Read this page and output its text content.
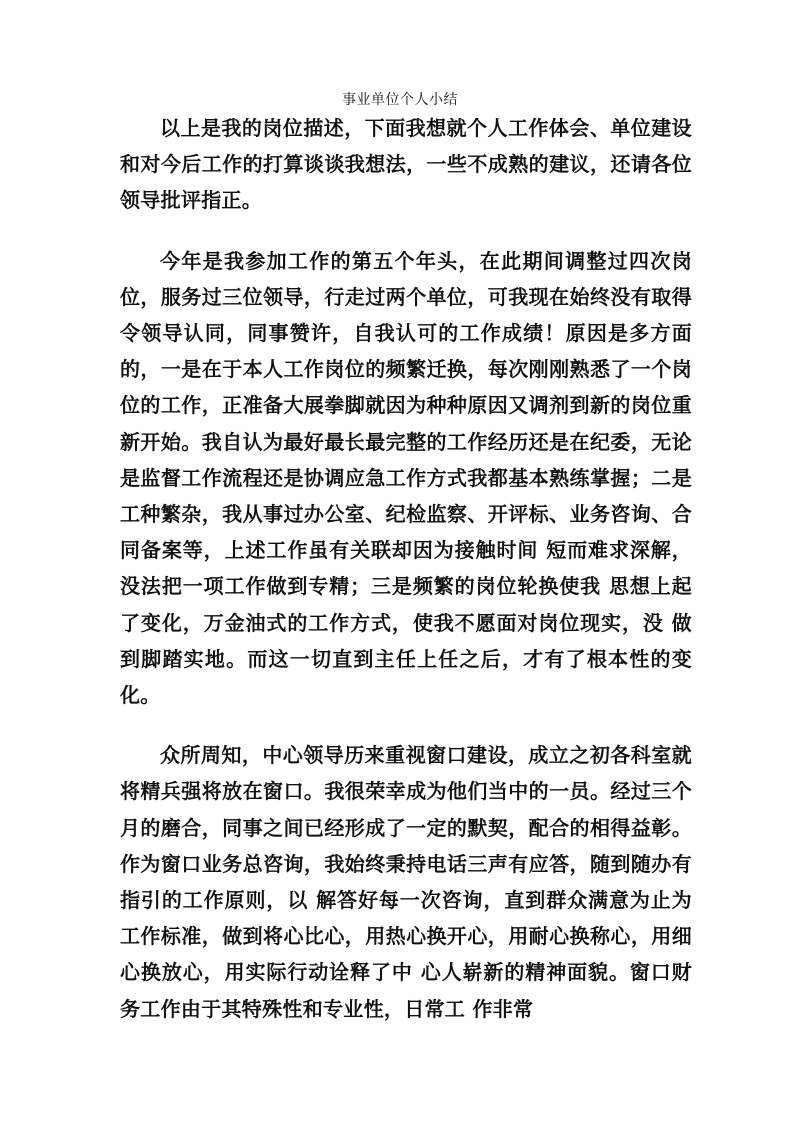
事业单位个人小结

以上是我的岗位描述，下面我想就个人工作体会、单位建设和对今后工作的打算谈谈我想法，一些不成熟的建议，还请各位领导批评指正。

今年是我参加工作的第五个年头，在此期间调整过四次岗位，服务过三位领导，行走过两个单位，可我现在始终没有取得令领导认同，同事赞许，自我认可的工作成绩！原因是多方面的，一是在于本人工作岗位的频繁迁换，每次刚刚熟悉了一个岗位的工作，正准备大展拳脚就因为种种原因又调剂到新的岗位重新开始。我自认为最好最长最完整的工作经历还是在纪委，无论是监督工作流程还是协调应急工作方式我都基本熟练掌握；二是工种繁杂，我从事过办公室、纪检监察、开评标、业务咨询、合同备案等，上述工作虽有关联却因为接触时间 短而难求深解，没法把一项工作做到专精；三是频繁的岗位轮换使我 思想上起了变化，万金油式的工作方式，使我不愿面对岗位现实，没 做到脚踏实地。而这一切直到主任上任之后，才有了根本性的变化。

众所周知，中心领导历来重视窗口建设，成立之初各科室就将精兵强将放在窗口。我很荣幸成为他们当中的一员。经过三个月的磨合，同事之间已经形成了一定的默契，配合的相得益彰。作为窗口业务总咨询，我始终秉持电话三声有应答，随到随办有指引的工作原则，以 解答好每一次咨询，直到群众满意为止为工作标准，做到将心比心，用热心换开心，用耐心换称心，用细心换放心，用实际行动诠释了中 心人崭新的精神面貌。窗口财务工作由于其特殊性和专业性，日常工 作非常
